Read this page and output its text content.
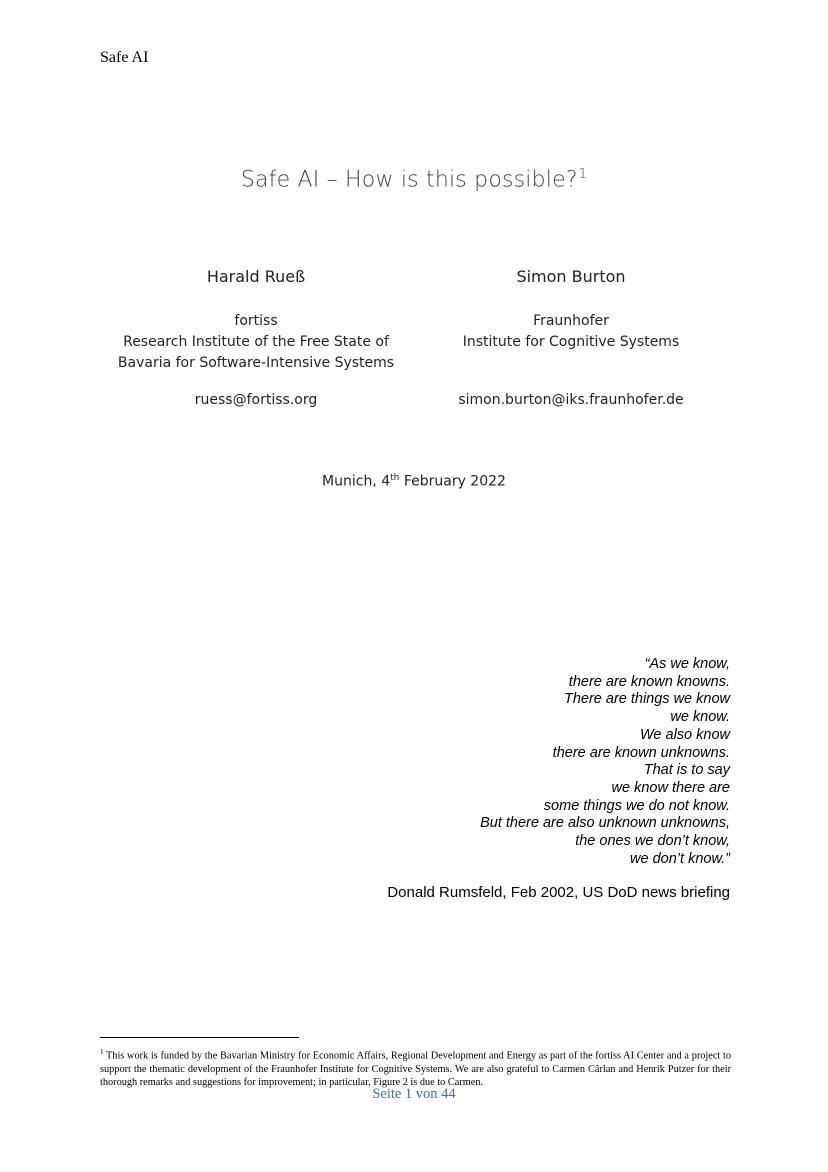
Safe AI
Safe AI – How is this possible?$^1$
Harald Rueß
fortiss
Research Institute of the Free State of
Bavaria for Software-Intensive Systems
ruess@fortiss.org
Simon Burton
Fraunhofer
Institute for Cognitive Systems
simon.burton@iks.fraunhofer.de
Munich, 4th February 2022
“As we know,
there are known knowns.
There are things we know
we know.
We also know
there are known unknowns.
That is to say
we know there are
some things we do not know.
But there are also unknown unknowns,
the ones we don’t know,
we don’t know.”
Donald Rumsfeld, Feb 2002, US DoD news briefing
$^1$ This work is funded by the Bavarian Ministry for Economic Affairs, Regional Development and Energy as part of the fortiss AI Center and a project to support the thematic development of the Fraunhofer Institute for Cognitive Systems. We are also grateful to Carmen Cârlan and Henrik Putzer for their thorough remarks and suggestions for improvement; in particular, Figure 2 is due to Carmen.
Seite 1 von 44
